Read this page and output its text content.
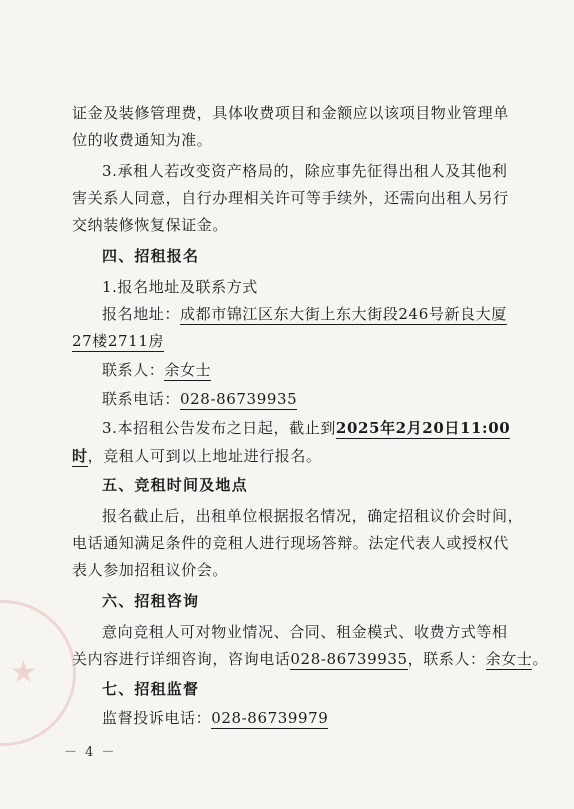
★
证金及装修管理费，具体收费项目和金额应以该项目物业管理单
位的收费通知为准。
3.承租人若改变资产格局的，除应事先征得出租人及其他利
害关系人同意，自行办理相关许可等手续外，还需向出租人另行
交纳装修恢复保证金。
四、招租报名
1.报名地址及联系方式
报名地址：成都市锦江区东大街上东大街段246号新良大厦
27楼2711房
联系人：余女士
联系电话：028-86739935
3.本招租公告发布之日起，截止到2025年2月20日11:00
时，竞租人可到以上地址进行报名。
五、竞租时间及地点
报名截止后，出租单位根据报名情况，确定招租议价会时间，
电话通知满足条件的竞租人进行现场答辩。法定代表人或授权代
表人参加招租议价会。
六、招租咨询
意向竞租人可对物业情况、合同、租金模式、收费方式等相
关内容进行详细咨询，咨询电话028-86739935，联系人：余女士。
七、招租监督
监督投诉电话：028-86739979
－ 4 －
